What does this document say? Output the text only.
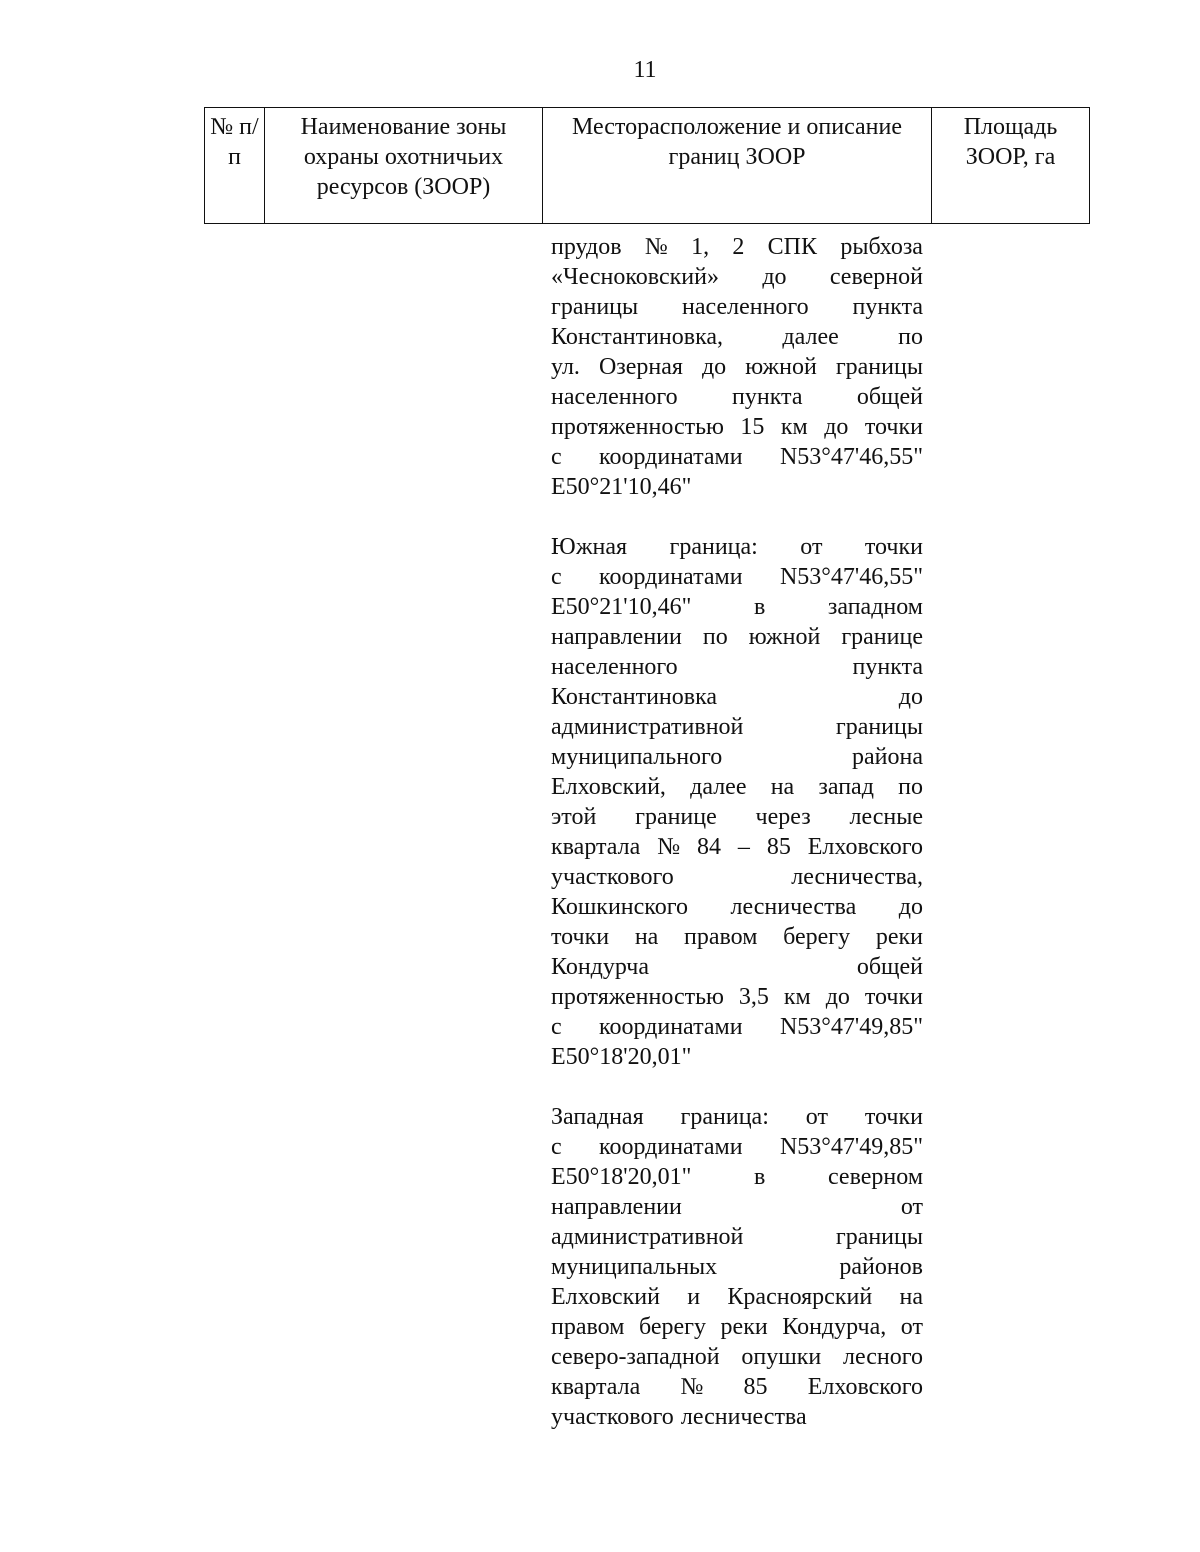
11
№ п/п	Наименование зоны охраны охотничьих ресурсов (ЗООР)	Месторасположение и описание границ ЗООР	Площадь ЗООР, га
прудов № 1, 2 СПК рыбхоза
«Чесноковский» до северной
границы населенного пункта
Константиновка, далее по
ул. Озерная до южной границы
населенного пункта общей
протяженностью 15 км до точки
с координатами N53°47'46,55"
E50°21'10,46"
Южная граница: от точки
с координатами N53°47'46,55"
E50°21'10,46"	в	западном
направлении по южной границе
населенного	пункта
Константиновка	до
административной	границы
муниципального	района
Елховский, далее на запад по
этой границе через лесные
квартала № 84 – 85 Елховского
участкового	лесничества,
Кошкинского лесничества до
точки на правом берегу реки
Кондурча	общей
протяженностью 3,5 км до точки
с координатами N53°47'49,85"
E50°18'20,01"
Западная граница: от точки
с координатами N53°47'49,85"
E50°18'20,01"	в	северном
направлении	от
административной	границы
муниципальных	районов
Елховский и Красноярский на
правом берегу реки Кондурча, от
северо-западной опушки лесного
квартала № 85 Елховского
участкового лесничества
